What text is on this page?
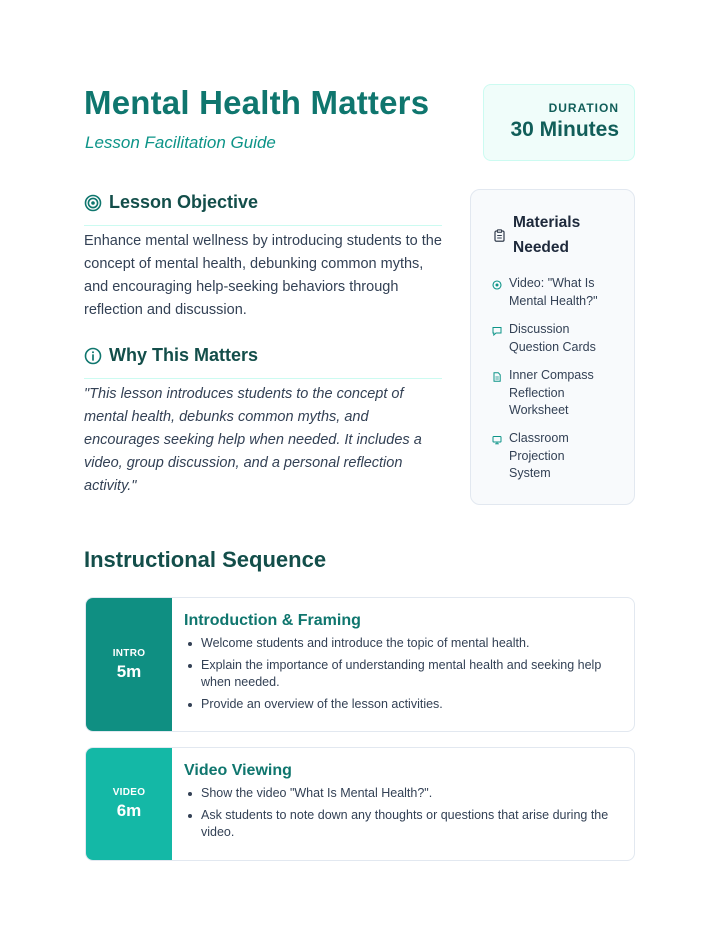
Mental Health Matters
Lesson Facilitation Guide
DURATION
30 Minutes
Lesson Objective

Enhance mental wellness by introducing students to the concept of mental health, debunking common myths, and encouraging help-seeking behaviors through reflection and discussion.

Why This Matters

"This lesson introduces students to the concept of mental health, debunks common myths, and encourages seeking help when needed. It includes a video, group discussion, and a personal reflection activity."

Materials Needed
Video: "What Is Mental Health?"
Discussion Question Cards
Inner Compass Reflection Worksheet
Classroom Projection System
Instructional Sequence
INTRO
5m
Introduction & Framing
Welcome students and introduce the topic of mental health.
Explain the importance of understanding mental health and seeking help when needed.
Provide an overview of the lesson activities.
VIDEO
6m
Video Viewing
Show the video "What Is Mental Health?".
Ask students to note down any thoughts or questions that arise during the video.
